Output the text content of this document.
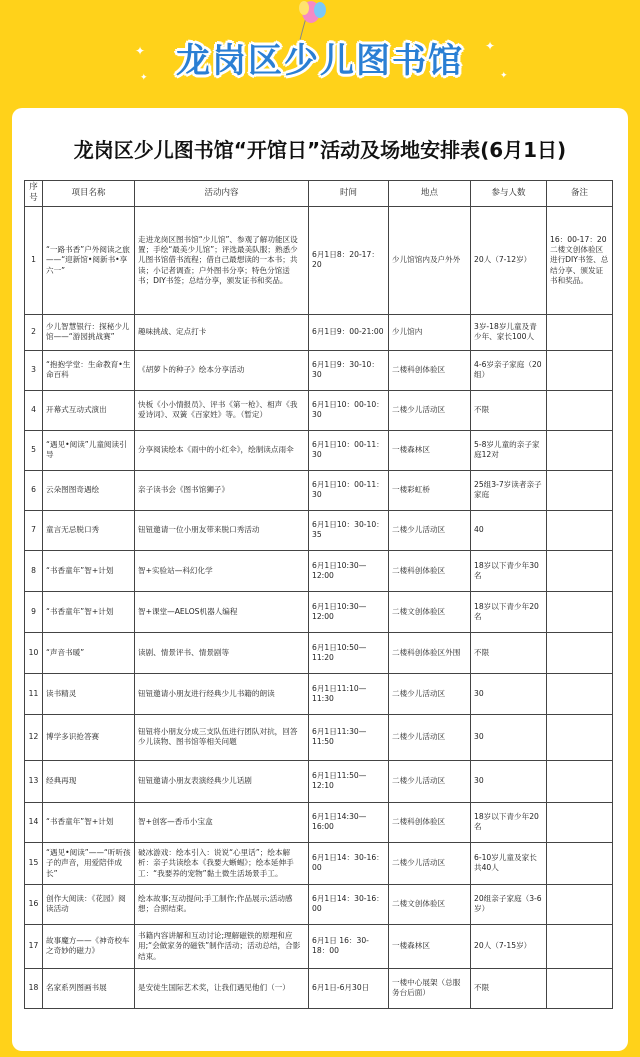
✦
✦
✦
✦
龙岗区少儿图书馆
龙岗区少儿图书馆“开馆日”活动及场地安排表(6月1日)
序号	项目名称	活动内容	时间	地点	参与人数	备注
1	“一路书香”户外阅读之旅——“迎新馆•阅新书•享六一”	走进龙岗区图书馆“少儿馆”、参观了解功能区设置；手绘“最美少儿馆”；评选最美队服；熟悉少儿图书馆借书流程；借自己最想读的一本书；共读；小记者调查；户外图书分享；特色分馆送书；DIY书签；总结分享，颁发证书和奖品。	6月1日8：20-17：20	少儿馆馆内及户外外	20人（7-12岁）	16：00-17：20二楼文创体验区进行DIY书签、总结分享、颁发证书和奖品。
2	少儿智慧银行：探秘少儿馆——“游园挑战赛”	趣味挑战、定点打卡	6月1日9：00-21:00	少儿馆内	3岁-18岁儿童及青少年、家长100人	
3	“抱抱学堂：生命教育•生命百科	《胡萝卜的种子》绘本分享活动	6月1日9：30-10：30	二楼科创体验区	4-6岁亲子家庭（20组）	
4	开幕式互动式演出	快板《小小情报员》、评书《第一枪》、相声《我爱诗词》、双簧《百家姓》等。（暂定）	6月1日10：00-10：30	二楼少儿活动区	不限	
5	“遇见•阅读”儿童阅读引导	分享阅读绘本《雨中的小红伞》，绘制读点雨伞	6月1日10：00-11：30	一楼森林区	5-8岁儿童的亲子家庭12对	
6	云朵图图奇遇绘	亲子读书会《图书馆狮子》	6月1日10：00-11：30	一楼彩虹桥	25组3-7岁读者亲子家庭	
7	童言无忌脱口秀	钮钮邀请一位小朋友带来脱口秀活动	6月1日10：30-10：35	二楼少儿活动区	40	
8	“书香童年”智+计划	智+实验站—科幻化学	6月1日10:30—12:00	二楼科创体验区	18岁以下青少年30名	
9	“书香童年”智+计划	智+课堂—AELOS机器人编程	6月1日10:30—12:00	二楼文创体验区	18岁以下青少年20名	
10	“声音书暖”	读剧、情景评书、情景剧等	6月1日10:50—11:20	二楼科创体验区外围	不限	
11	读书精灵	钮钮邀请小朋友进行经典少儿书籍的朗读	6月1日11:10—11:30	二楼少儿活动区	30	
12	博学多识抢答赛	钮钮将小朋友分成三支队伍进行团队对抗，回答少儿读物、图书馆等相关问题	6月1日11:30—11:50	二楼少儿活动区	30	
13	经典再现	钮钮邀请小朋友表演经典少儿话剧	6月1日11:50—12:10	二楼少儿活动区	30	
14	“书香童年”智+计划	智+创客—香币小宝盒	6月1日14:30—16:00	二楼科创体验区	18岁以下青少年20名	
15	“遇见•阅读”——“听听孩子的声音，用爱陪伴成长”	破冰游戏：绘本引入：说说“心里话”；绘本解析：亲子共读绘本《我要大蜥蜴》；绘本延伸手工：“我要养的宠物”黏土微生活场景手工。	6月1日14：30-16：00	二楼少儿活动区	6-10岁儿童及家长共40人	
16	创作大阅读：《花园》阅读活动	绘本故事;互动提问;手工制作;作品展示;活动感想；合照结束。	6月1日14：30-16：00	二楼文创体验区	20组亲子家庭（3-6岁）	
17	故事魔方——《神奇校车之奇妙的磁力》	书籍内容讲解和互动讨论;理解磁铁的原理和应用;“会做家务的磁铁”制作活动；活动总结，合影结束。	6月1日 16：30-18：00	一楼森林区	20人（7-15岁）	
18	名家系列图画书展	是安徒生国际艺术奖，让我们遇见他们（一）	6月1日-6月30日	一楼中心展架（总服务台后面）	不限	
